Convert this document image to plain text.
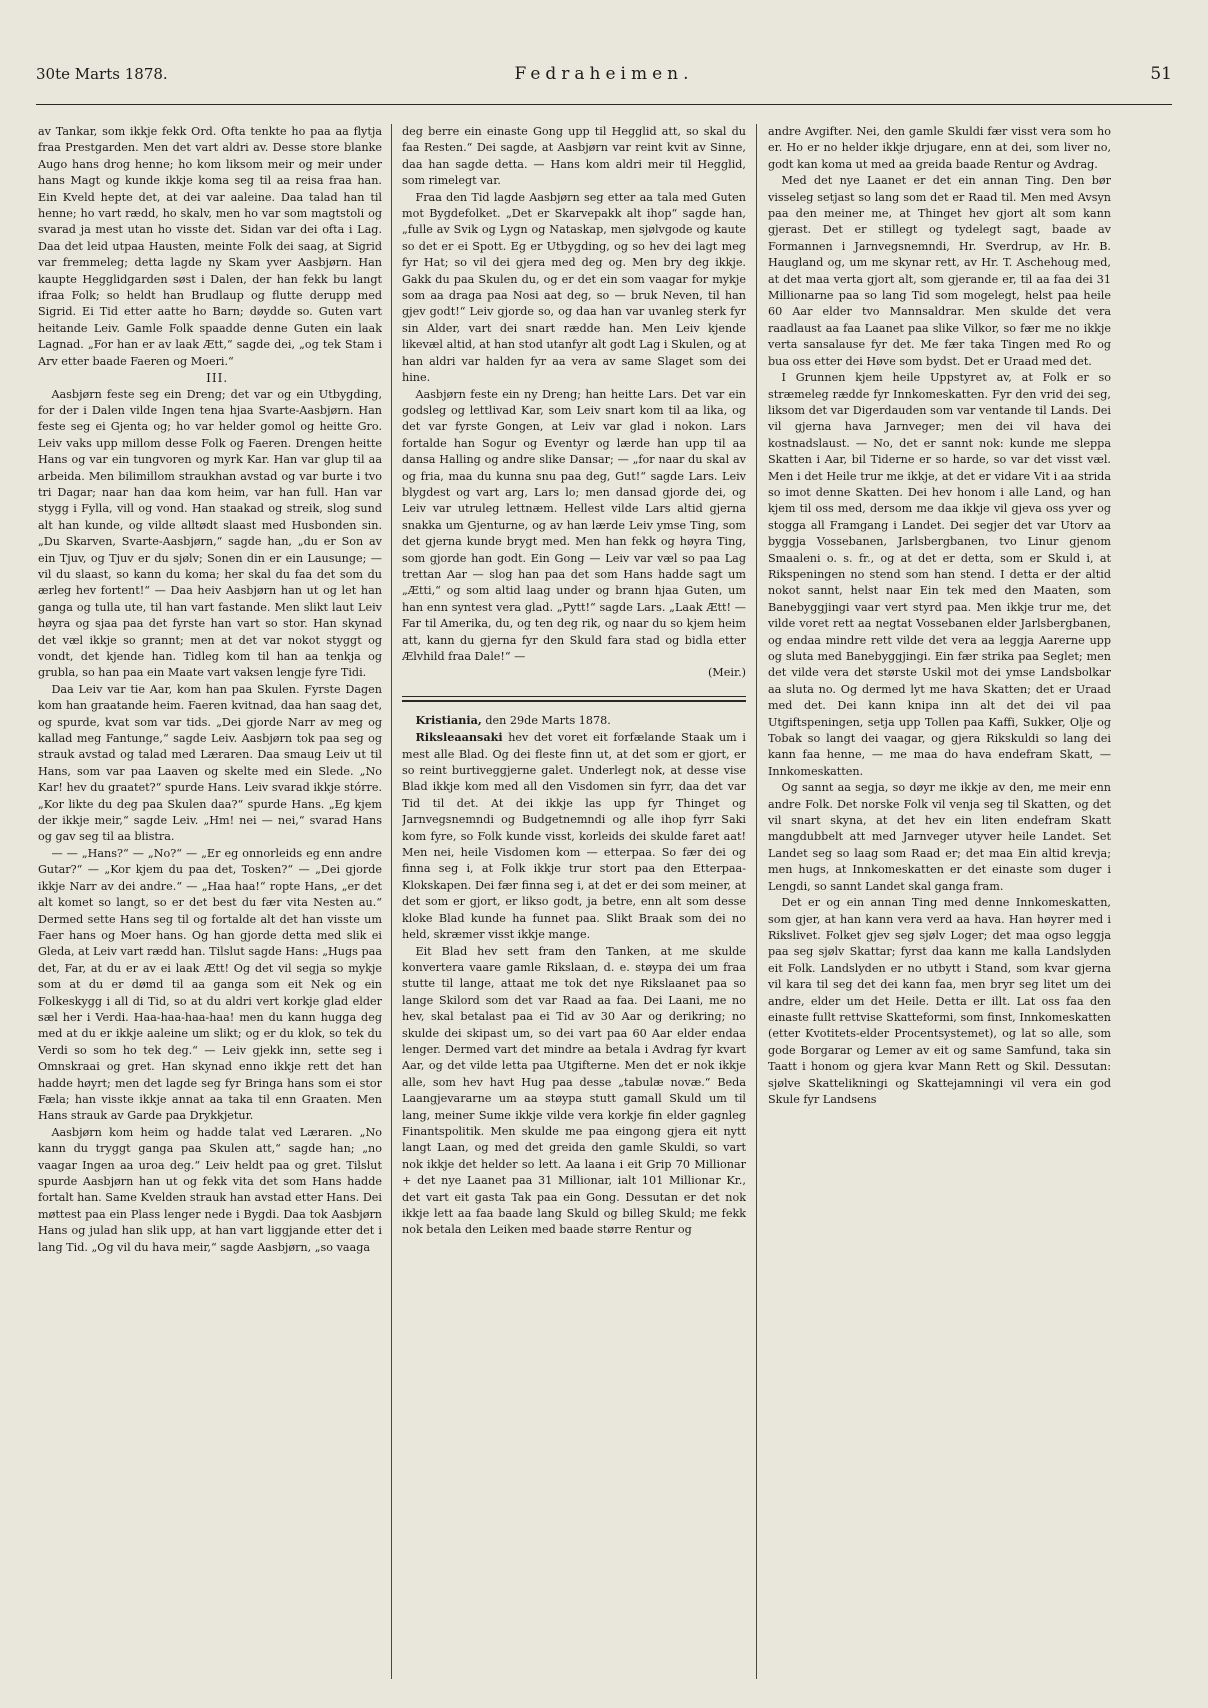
30te Marts 1878.	Fedraheimen.	51

av Tankar, som ikkje fekk Ord. Ofta tenkte ho paa aa flytja fraa Prestgarden. Men det vart aldri av. Desse store blanke Augo hans drog henne; ho kom liksom meir og meir under hans Magt og kunde ikkje koma seg til aa reisa fraa han. Ein Kveld hepte det, at dei var aaleine. Daa talad han til henne; ho vart rædd, ho skalv, men ho var som magtstoli og svarad ja mest utan ho visste det. Sidan var dei ofta i Lag. Daa det leid utpaa Hausten, meinte Folk dei saag, at Sigrid var fremmeleg; detta lagde ny Skam yver Aasbjørn. Han kaupte Hegglidgarden søst i Dalen, der han fekk bu langt ifraa Folk; so heldt han Brudlaup og flutte derupp med Sigrid. Ei Tid etter aatte ho Barn; døydde so. Guten vart heitande Leiv. Gamle Folk spaadde denne Guten ein laak Lagnad. „For han er av laak Ætt,“ sagde dei, „og tek Stam i Arv etter baade Faeren og Moeri.“

III.

Aasbjørn feste seg ein Dreng; det var og ein Utbygding, for der i Dalen vilde Ingen tena hjaa Svarte-Aasbjørn. Han feste seg ei Gjenta og; ho var helder gomol og heitte Gro. Leiv vaks upp millom desse Folk og Faeren. Drengen heitte Hans og var ein tungvoren og myrk Kar. Han var glup til aa arbeida. Men bilimillom straukhan avstad og var burte i tvo tri Dagar; naar han daa kom heim, var han full. Han var stygg i Fylla, vill og vond. Han staakad og streik, slog sund alt han kunde, og vilde alltødt slaast med Husbonden sin. „Du Skarven, Svarte-Aasbjørn,“ sagde han, „du er Son av ein Tjuv, og Tjuv er du sjølv; Sonen din er ein Lausunge; — vil du slaast, so kann du koma; her skal du faa det som du ærleg hev fortent!“ — Daa heiv Aasbjørn han ut og let han ganga og tulla ute, til han vart fastande. Men slikt laut Leiv høyra og sjaa paa det fyrste han vart so stor. Han skynad det væl ikkje so grannt; men at det var nokot styggt og vondt, det kjende han. Tidleg kom til han aa tenkja og grubla, so han paa ein Maate vart vaksen lengje fyre Tidi.

Daa Leiv var tie Aar, kom han paa Skulen. Fyrste Dagen kom han graatande heim. Faeren kvitnad, daa han saag det, og spurde, kvat som var tids. „Dei gjorde Narr av meg og kallad meg Fantunge,“ sagde Leiv. Aasbjørn tok paa seg og strauk avstad og talad med Læraren. Daa smaug Leiv ut til Hans, som var paa Laaven og skelte med ein Slede. „No Kar! hev du graatet?“ spurde Hans. Leiv svarad ikkje stórre. „Kor likte du deg paa Skulen daa?“ spurde Hans. „Eg kjem der ikkje meir,“ sagde Leiv. „Hm! nei — nei,“ svarad Hans og gav seg til aa blistra.

— — „Hans?“ — „No?“ — „Er eg onnorleids eg enn andre Gutar?“ — „Kor kjem du paa det, Tosken?“ — „Dei gjorde ikkje Narr av dei andre.“ — „Haa haa!“ ropte Hans, „er det alt komet so langt, so er det best du fær vita Nesten au.“ Dermed sette Hans seg til og fortalde alt det han visste um Faer hans og Moer hans. Og han gjorde detta med slik ei Gleda, at Leiv vart rædd han. Tilslut sagde Hans: „Hugs paa det, Far, at du er av ei laak Ætt! Og det vil segja so mykje som at du er dømd til aa ganga som eit Nek og ein Folkeskygg i all di Tid, so at du aldri vert korkje glad elder sæl her i Verdi. Haa-haa-haa-haa! men du kann hugga deg med at du er ikkje aaleine um slikt; og er du klok, so tek du Verdi so som ho tek deg.“ — Leiv gjekk inn, sette seg i Omnskraai og gret. Han skynad enno ikkje rett det han hadde høyrt; men det lagde seg fyr Bringa hans som ei stor Fæla; han visste ikkje annat aa taka til enn Graaten. Men Hans strauk av Garde paa Drykkjetur.

Aasbjørn kom heim og hadde talat ved Læraren. „No kann du tryggt ganga paa Skulen att,“ sagde han; „no vaagar Ingen aa uroa deg.“ Leiv heldt paa og gret. Tilslut spurde Aasbjørn han ut og fekk vita det som Hans hadde fortalt han. Same Kvelden strauk han avstad etter Hans. Dei møttest paa ein Plass lenger nede i Bygdi. Daa tok Aasbjørn Hans og julad han slik upp, at han vart liggjande etter det i lang Tid. „Og vil du hava meir,“ sagde Aasbjørn, „so vaaga

deg berre ein einaste Gong upp til Hegglid att, so skal du faa Resten.“ Dei sagde, at Aasbjørn var reint kvit av Sinne, daa han sagde detta. — Hans kom aldri meir til Hegglid, som rimelegt var.

Fraa den Tid lagde Aasbjørn seg etter aa tala med Guten mot Bygdefolket. „Det er Skarvepakk alt ihop“ sagde han, „fulle av Svik og Lygn og Nataskap, men sjølvgode og kaute so det er ei Spott. Eg er Utbygding, og so hev dei lagt meg fyr Hat; so vil dei gjera med deg og. Men bry deg ikkje. Gakk du paa Skulen du, og er det ein som vaagar for mykje som aa draga paa Nosi aat deg, so — bruk Neven, til han gjev godt!“ Leiv gjorde so, og daa han var uvanleg sterk fyr sin Alder, vart dei snart rædde han. Men Leiv kjende likevæl altid, at han stod utanfyr alt godt Lag i Skulen, og at han aldri var halden fyr aa vera av same Slaget som dei hine.

Aasbjørn feste ein ny Dreng; han heitte Lars. Det var ein godsleg og lettlivad Kar, som Leiv snart kom til aa lika, og det var fyrste Gongen, at Leiv var glad i nokon. Lars fortalde han Sogur og Eventyr og lærde han upp til aa dansa Halling og andre slike Dansar; — „for naar du skal av og fria, maa du kunna snu paa deg, Gut!“ sagde Lars. Leiv blygdest og vart arg, Lars lo; men dansad gjorde dei, og Leiv var utruleg lettnæm. Hellest vilde Lars altid gjerna snakka um Gjenturne, og av han lærde Leiv ymse Ting, som det gjerna kunde brygt med. Men han fekk og høyra Ting, som gjorde han godt. Ein Gong — Leiv var væl so paa Lag trettan Aar — slog han paa det som Hans hadde sagt um „Ætti,“ og som altid laag under og brann hjaa Guten, um han enn syntest vera glad. „Pytt!“ sagde Lars. „Laak Ætt! — Far til Amerika, du, og ten deg rik, og naar du so kjem heim att, kann du gjerna fyr den Skuld fara stad og bidla etter Ælvhild fraa Dale!“ —

(Meir.)

Kristiania, den 29de Marts 1878.

Riksleaansaki hev det voret eit forfælande Staak um i mest alle Blad. Og dei fleste finn ut, at det som er gjort, er so reint burtiveggjerne galet. Underlegt nok, at desse vise Blad ikkje kom med all den Visdomen sin fyrr, daa det var Tid til det. At dei ikkje las upp fyr Thinget og Jarnvegsnemndi og Budgetnemndi og alle ihop fyrr Saki kom fyre, so Folk kunde visst, korleids dei skulde faret aat! Men nei, heile Visdomen kom — etterpaa. So fær dei og finna seg i, at Folk ikkje trur stort paa den Etterpaa-Klokskapen. Dei fær finna seg i, at det er dei som meiner, at det som er gjort, er likso godt, ja betre, enn alt som desse kloke Blad kunde ha funnet paa. Slikt Braak som dei no held, skræmer visst ikkje mange.

Eit Blad hev sett fram den Tanken, at me skulde konvertera vaare gamle Rikslaan, d. e. støypa dei um fraa stutte til lange, attaat me tok det nye Rikslaanet paa so lange Skilord som det var Raad aa faa. Dei Laani, me no hev, skal betalast paa ei Tid av 30 Aar og derikring; no skulde dei skipast um, so dei vart paa 60 Aar elder endaa lenger. Dermed vart det mindre aa betala i Avdrag fyr kvart Aar, og det vilde letta paa Utgifterne. Men det er nok ikkje alle, som hev havt Hug paa desse „tabulæ novæ.“ Beda Laangjevararne um aa støypa stutt gamall Skuld um til lang, meiner Sume ikkje vilde vera korkje fin elder gagnleg Finantspolitik. Men skulde me paa eingong gjera eit nytt langt Laan, og med det greida den gamle Skuldi, so vart nok ikkje det helder so lett. Aa laana i eit Grip 70 Millionar + det nye Laanet paa 31 Millionar, ialt 101 Millionar Kr., det vart eit gasta Tak paa ein Gong. Dessutan er det nok ikkje lett aa faa baade lang Skuld og billeg Skuld; me fekk nok betala den Leiken med baade større Rentur og

andre Avgifter. Nei, den gamle Skuldi fær visst vera som ho er. Ho er no helder ikkje drjugare, enn at dei, som liver no, godt kan koma ut med aa greida baade Rentur og Avdrag.

Med det nye Laanet er det ein annan Ting. Den bør visseleg setjast so lang som det er Raad til. Men med Avsyn paa den meiner me, at Thinget hev gjort alt som kann gjerast. Det er stillegt og tydelegt sagt, baade av Formannen i Jarnvegsnemndi, Hr. Sverdrup, av Hr. B. Haugland og, um me skynar rett, av Hr. T. Aschehoug med, at det maa verta gjort alt, som gjerande er, til aa faa dei 31 Millionarne paa so lang Tid som mogelegt, helst paa heile 60 Aar elder tvo Mannsaldrar. Men skulde det vera raadlaust aa faa Laanet paa slike Vilkor, so fær me no ikkje verta sansalause fyr det. Me fær taka Tingen med Ro og bua oss etter dei Høve som bydst. Det er Uraad med det.

I Grunnen kjem heile Uppstyret av, at Folk er so stræmeleg rædde fyr Innkomeskatten. Fyr den vrid dei seg, liksom det var Digerdauden som var ventande til Lands. Dei vil gjerna hava Jarnveger; men dei vil hava dei kostnadslaust. — No, det er sannt nok: kunde me sleppa Skatten i Aar, bil Tiderne er so harde, so var det visst væl. Men i det Heile trur me ikkje, at det er vidare Vit i aa strida so imot denne Skatten. Dei hev honom i alle Land, og han kjem til oss med, dersom me daa ikkje vil gjeva oss yver og stogga all Framgang i Landet. Dei segjer det var Utorv aa byggja Vossebanen, Jarlsbergbanen, tvo Linur gjenom Smaaleni o. s. fr., og at det er detta, som er Skuld i, at Rikspeningen no stend som han stend. I detta er der altid nokot sannt, helst naar Ein tek med den Maaten, som Banebyggjingi vaar vert styrd paa. Men ikkje trur me, det vilde voret rett aa negtat Vossebanen elder Jarlsbergbanen, og endaa mindre rett vilde det vera aa leggja Aarerne upp og sluta med Banebyggjingi. Ein fær strika paa Seglet; men det vilde vera det største Uskil mot dei ymse Landsbolkar aa sluta no. Og dermed lyt me hava Skatten; det er Uraad med det. Dei kann knipa inn alt det dei vil paa Utgiftspeningen, setja upp Tollen paa Kaffi, Sukker, Olje og Tobak so langt dei vaagar, og gjera Rikskuldi so lang dei kann faa henne, — me maa do hava endefram Skatt, — Innkomeskatten.

Og sannt aa segja, so døyr me ikkje av den, me meir enn andre Folk. Det norske Folk vil venja seg til Skatten, og det vil snart skyna, at det hev ein liten endefram Skatt mangdubbelt att med Jarnveger utyver heile Landet. Set Landet seg so laag som Raad er; det maa Ein altid krevja; men hugs, at Innkomeskatten er det einaste som duger i Lengdi, so sannt Landet skal ganga fram.

Det er og ein annan Ting med denne Innkomeskatten, som gjer, at han kann vera verd aa hava. Han høyrer med i Rikslivet. Folket gjev seg sjølv Loger; det maa ogso leggja paa seg sjølv Skattar; fyrst daa kann me kalla Landslyden eit Folk. Landslyden er no utbytt i Stand, som kvar gjerna vil kara til seg det dei kann faa, men bryr seg litet um dei andre, elder um det Heile. Detta er illt. Lat oss faa den einaste fullt rettvise Skatteformi, som finst, Innkomeskatten (etter Kvotitets-elder Procentsystemet), og lat so alle, som gode Borgarar og Lemer av eit og same Samfund, taka sin Taatt i honom og gjera kvar Mann Rett og Skil. Dessutan: sjølve Skattelikningi og Skattejamningi vil vera ein god Skule fyr Landsens
